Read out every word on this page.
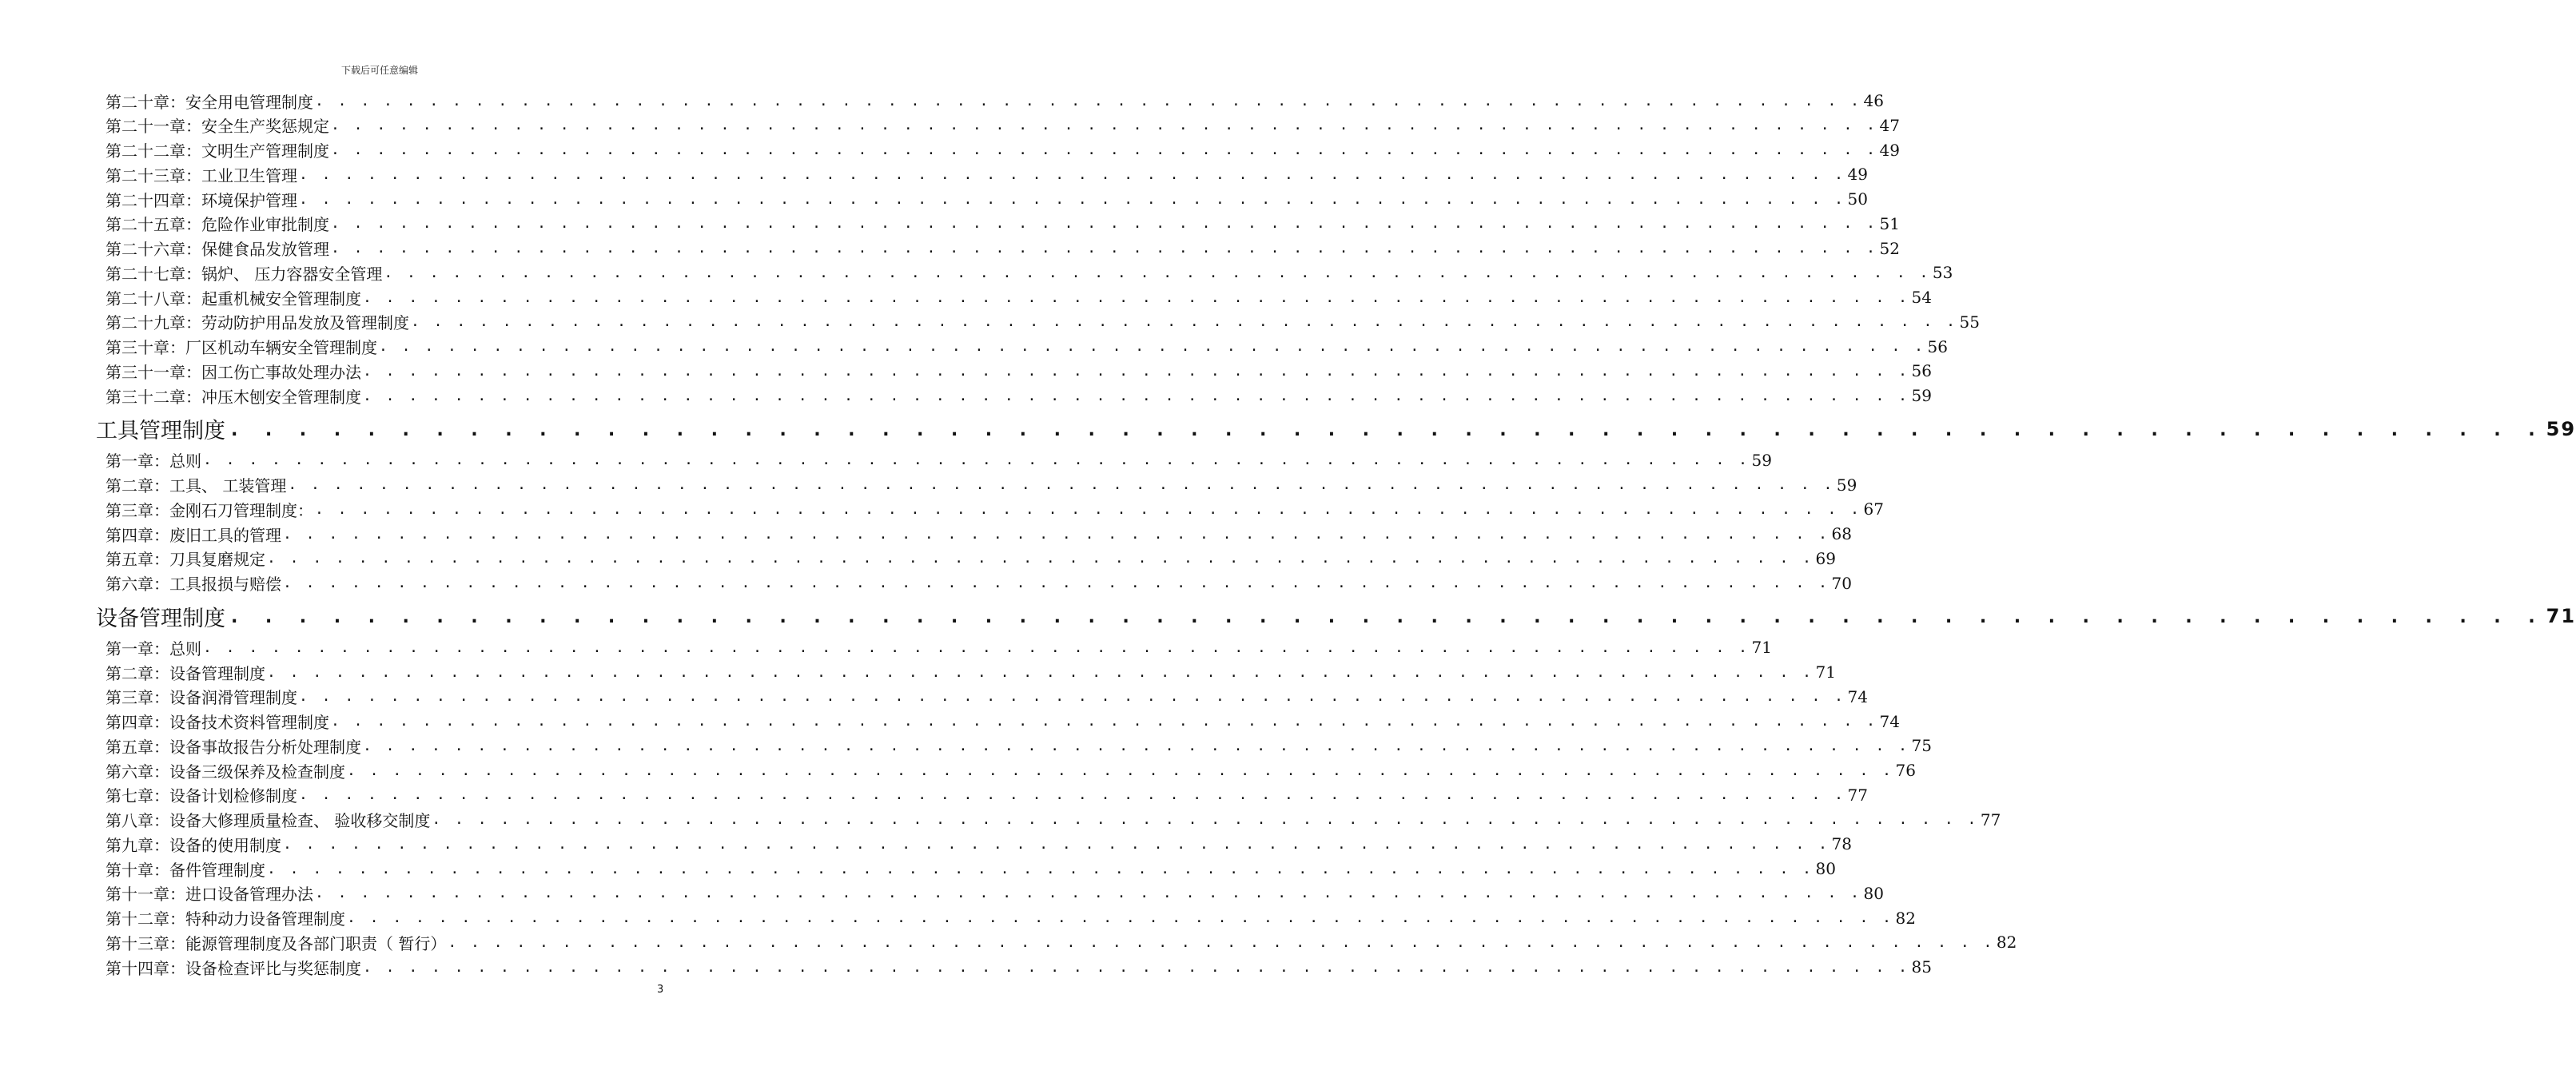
下载后可任意编辑
第二十章：安全用电管理制度 . . . . . . . . . . . . . . . . . . . . . . . . . . . . . . . . . . . . . . . . . . . . . . . . . . . . . . . . . . . . . . . . . . . . 46
第二十一章：安全生产奖惩规定 . . . . . . . . . . . . . . . . . . . . . . . . . . . . . . . . . . . . . . . . . . . . . . . . . . . . . . . . . . . . . . . . . . . . 47
第二十二章：文明生产管理制度 . . . . . . . . . . . . . . . . . . . . . . . . . . . . . . . . . . . . . . . . . . . . . . . . . . . . . . . . . . . . . . . . . . . . 49
第二十三章：工业卫生管理 . . . . . . . . . . . . . . . . . . . . . . . . . . . . . . . . . . . . . . . . . . . . . . . . . . . . . . . . . . . . . . . . . . . . 49
第二十四章：环境保护管理 . . . . . . . . . . . . . . . . . . . . . . . . . . . . . . . . . . . . . . . . . . . . . . . . . . . . . . . . . . . . . . . . . . . . 50
第二十五章：危险作业审批制度 . . . . . . . . . . . . . . . . . . . . . . . . . . . . . . . . . . . . . . . . . . . . . . . . . . . . . . . . . . . . . . . . . . . . 51
第二十六章：保健食品发放管理 . . . . . . . . . . . . . . . . . . . . . . . . . . . . . . . . . . . . . . . . . . . . . . . . . . . . . . . . . . . . . . . . . . . . 52
第二十七章：锅炉、 压力容器安全管理 . . . . . . . . . . . . . . . . . . . . . . . . . . . . . . . . . . . . . . . . . . . . . . . . . . . . . . . . . . . . . . . . . . . . 53
第二十八章：起重机械安全管理制度 . . . . . . . . . . . . . . . . . . . . . . . . . . . . . . . . . . . . . . . . . . . . . . . . . . . . . . . . . . . . . . . . . . . . 54
第二十九章：劳动防护用品发放及管理制度 . . . . . . . . . . . . . . . . . . . . . . . . . . . . . . . . . . . . . . . . . . . . . . . . . . . . . . . . . . . . . . . . . . . . 55
第三十章：厂区机动车辆安全管理制度 . . . . . . . . . . . . . . . . . . . . . . . . . . . . . . . . . . . . . . . . . . . . . . . . . . . . . . . . . . . . . . . . . . . . 56
第三十一章：因工伤亡事故处理办法 . . . . . . . . . . . . . . . . . . . . . . . . . . . . . . . . . . . . . . . . . . . . . . . . . . . . . . . . . . . . . . . . . . . . 56
第三十二章：冲压木刨安全管理制度 . . . . . . . . . . . . . . . . . . . . . . . . . . . . . . . . . . . . . . . . . . . . . . . . . . . . . . . . . . . . . . . . . . . . 59
工具管理制度 . . . . . . . . . . . . . . . . . . . . . . . . . . . . . . . . . . . . . . . . . . . . . . . . . . . . . . . . . . . . . . . . . . . . 59
第一章：总则 . . . . . . . . . . . . . . . . . . . . . . . . . . . . . . . . . . . . . . . . . . . . . . . . . . . . . . . . . . . . . . . . . . . . 59
第二章：工具、 工装管理 . . . . . . . . . . . . . . . . . . . . . . . . . . . . . . . . . . . . . . . . . . . . . . . . . . . . . . . . . . . . . . . . . . . . 59
第三章：金刚石刀管理制度： . . . . . . . . . . . . . . . . . . . . . . . . . . . . . . . . . . . . . . . . . . . . . . . . . . . . . . . . . . . . . . . . . . . . 67
第四章：废旧工具的管理 . . . . . . . . . . . . . . . . . . . . . . . . . . . . . . . . . . . . . . . . . . . . . . . . . . . . . . . . . . . . . . . . . . . . 68
第五章：刀具复磨规定 . . . . . . . . . . . . . . . . . . . . . . . . . . . . . . . . . . . . . . . . . . . . . . . . . . . . . . . . . . . . . . . . . . . . 69
第六章：工具报损与赔偿 . . . . . . . . . . . . . . . . . . . . . . . . . . . . . . . . . . . . . . . . . . . . . . . . . . . . . . . . . . . . . . . . . . . . 70
设备管理制度 . . . . . . . . . . . . . . . . . . . . . . . . . . . . . . . . . . . . . . . . . . . . . . . . . . . . . . . . . . . . . . . . . . . . 71
第一章：总则 . . . . . . . . . . . . . . . . . . . . . . . . . . . . . . . . . . . . . . . . . . . . . . . . . . . . . . . . . . . . . . . . . . . . 71
第二章：设备管理制度 . . . . . . . . . . . . . . . . . . . . . . . . . . . . . . . . . . . . . . . . . . . . . . . . . . . . . . . . . . . . . . . . . . . . 71
第三章：设备润滑管理制度 . . . . . . . . . . . . . . . . . . . . . . . . . . . . . . . . . . . . . . . . . . . . . . . . . . . . . . . . . . . . . . . . . . . . 74
第四章：设备技术资料管理制度 . . . . . . . . . . . . . . . . . . . . . . . . . . . . . . . . . . . . . . . . . . . . . . . . . . . . . . . . . . . . . . . . . . . . 74
第五章：设备事故报告分析处理制度 . . . . . . . . . . . . . . . . . . . . . . . . . . . . . . . . . . . . . . . . . . . . . . . . . . . . . . . . . . . . . . . . . . . . 75
第六章：设备三级保养及检查制度 . . . . . . . . . . . . . . . . . . . . . . . . . . . . . . . . . . . . . . . . . . . . . . . . . . . . . . . . . . . . . . . . . . . . 76
第七章：设备计划检修制度 . . . . . . . . . . . . . . . . . . . . . . . . . . . . . . . . . . . . . . . . . . . . . . . . . . . . . . . . . . . . . . . . . . . . 77
第八章：设备大修理质量检查、 验收移交制度 . . . . . . . . . . . . . . . . . . . . . . . . . . . . . . . . . . . . . . . . . . . . . . . . . . . . . . . . . . . . . . . . . . . . 77
第九章：设备的使用制度 . . . . . . . . . . . . . . . . . . . . . . . . . . . . . . . . . . . . . . . . . . . . . . . . . . . . . . . . . . . . . . . . . . . . 78
第十章：备件管理制度 . . . . . . . . . . . . . . . . . . . . . . . . . . . . . . . . . . . . . . . . . . . . . . . . . . . . . . . . . . . . . . . . . . . . 80
第十一章：进口设备管理办法 . . . . . . . . . . . . . . . . . . . . . . . . . . . . . . . . . . . . . . . . . . . . . . . . . . . . . . . . . . . . . . . . . . . . 80
第十二章：特种动力设备管理制度 . . . . . . . . . . . . . . . . . . . . . . . . . . . . . . . . . . . . . . . . . . . . . . . . . . . . . . . . . . . . . . . . . . . . 82
第十三章：能源管理制度及各部门职责（ 暂行） . . . . . . . . . . . . . . . . . . . . . . . . . . . . . . . . . . . . . . . . . . . . . . . . . . . . . . . . . . . . . . . . . . . . 82
第十四章：设备检查评比与奖惩制度 . . . . . . . . . . . . . . . . . . . . . . . . . . . . . . . . . . . . . . . . . . . . . . . . . . . . . . . . . . . . . . . . . . . . 85
3
